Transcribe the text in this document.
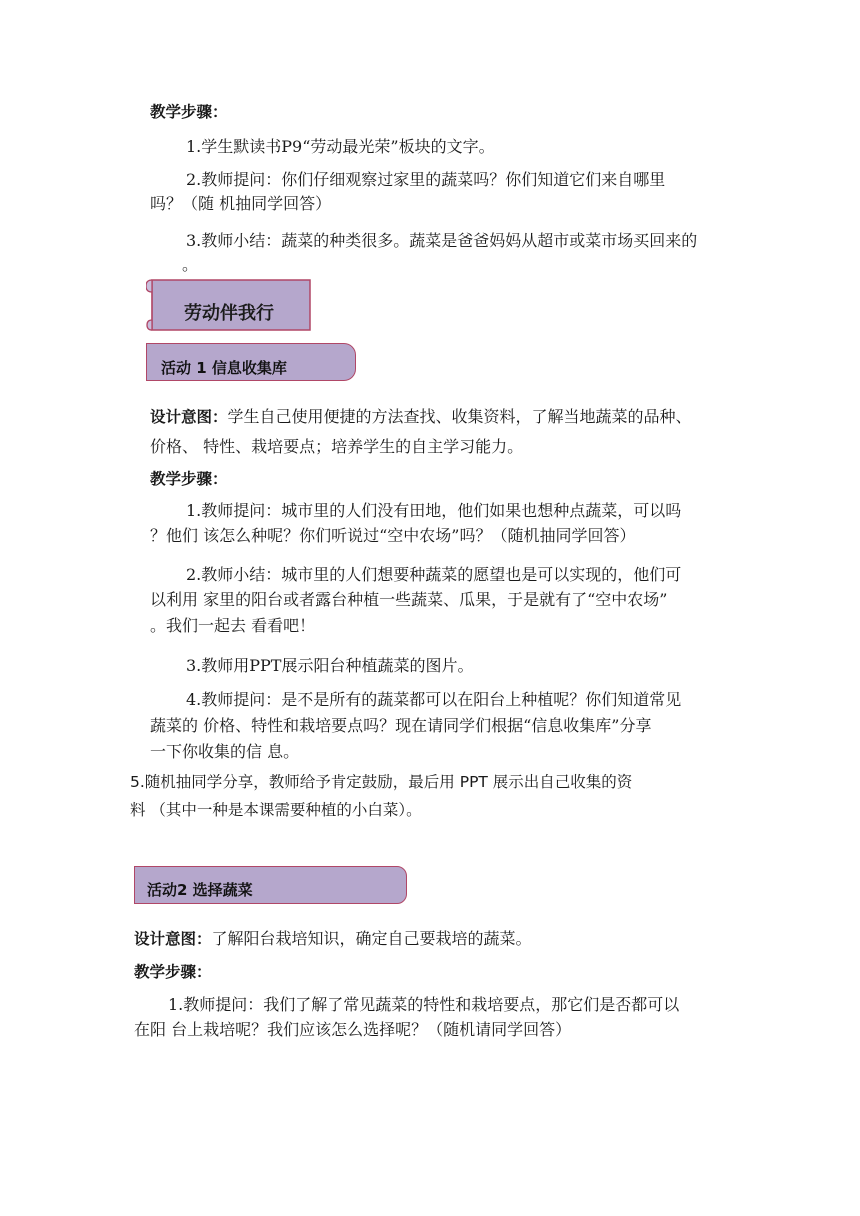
教学步骤：
1.学生默读书P9“劳动最光荣”板块的文字。
2.教师提问：你们仔细观察过家里的蔬菜吗？你们知道它们来自哪里
吗？（随 机抽同学回答）
3.教师小结：蔬菜的种类很多。蔬菜是爸爸妈妈从超市或菜市场买回来的
。
劳动伴我行
活动 1 信息收集库
设计意图：学生自己使用便捷的方法查找、收集资料，了解当地蔬菜的品种、
价格、 特性、栽培要点；培养学生的自主学习能力。
教学步骤：
1.教师提问：城市里的人们没有田地，他们如果也想种点蔬菜，可以吗
？他们 该怎么种呢？你们听说过“空中农场”吗？（随机抽同学回答）
2.教师小结：城市里的人们想要种蔬菜的愿望也是可以实现的，他们可
以利用 家里的阳台或者露台种植一些蔬菜、瓜果，于是就有了“空中农场”
。我们一起去 看看吧！
3.教师用PPT展示阳台种植蔬菜的图片。
4.教师提问：是不是所有的蔬菜都可以在阳台上种植呢？你们知道常见
蔬菜的 价格、特性和栽培要点吗？现在请同学们根据“信息收集库”分享
一下你收集的信 息。
5.随机抽同学分享，教师给予肯定鼓励，最后用 PPT 展示出自己收集的资
料 （其中一种是本课需要种植的小白菜）。
活动2 选择蔬菜
设计意图：了解阳台栽培知识，确定自己要栽培的蔬菜。
教学步骤：
1.教师提问：我们了解了常见蔬菜的特性和栽培要点，那它们是否都可以
在阳 台上栽培呢？我们应该怎么选择呢？（随机请同学回答）
